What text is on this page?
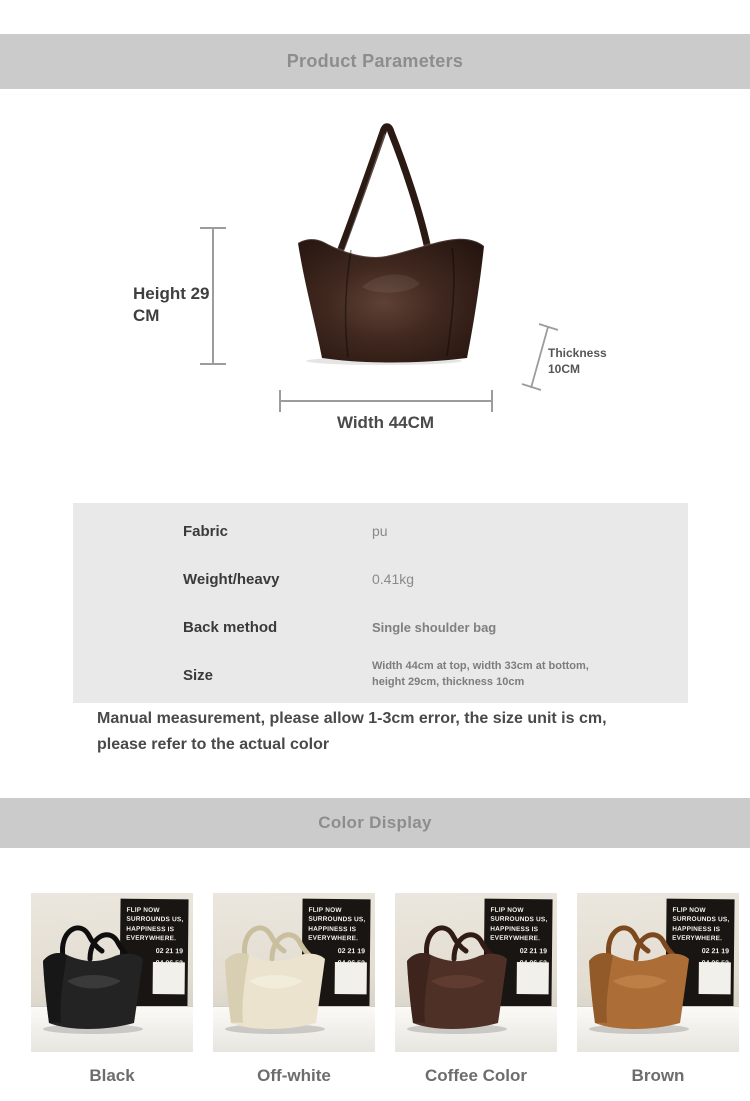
Product Parameters
Height 29 CM
Width 44CM
Thickness 10CM
Fabric	pu
Weight/heavy	0.41kg
Back method	Single shoulder bag
Size
Width 44cm at top, width 33cm at bottom, height 29cm, thickness 10cm
Manual measurement, please allow 1-3cm error, the size unit is cm, please refer to the actual color
Color Display
FLIP NOW
SURROUNDS US,
HAPPINESS IS
EVERYWHERE.
02 21 19
Black
FLIP NOW
SURROUNDS US,
HAPPINESS IS
EVERYWHERE.
02 21 19
Off-white
FLIP NOW
SURROUNDS US,
HAPPINESS IS
EVERYWHERE.
02 21 19
Coffee Color
FLIP NOW
SURROUNDS US,
HAPPINESS IS
EVERYWHERE.
02 21 19
Brown
